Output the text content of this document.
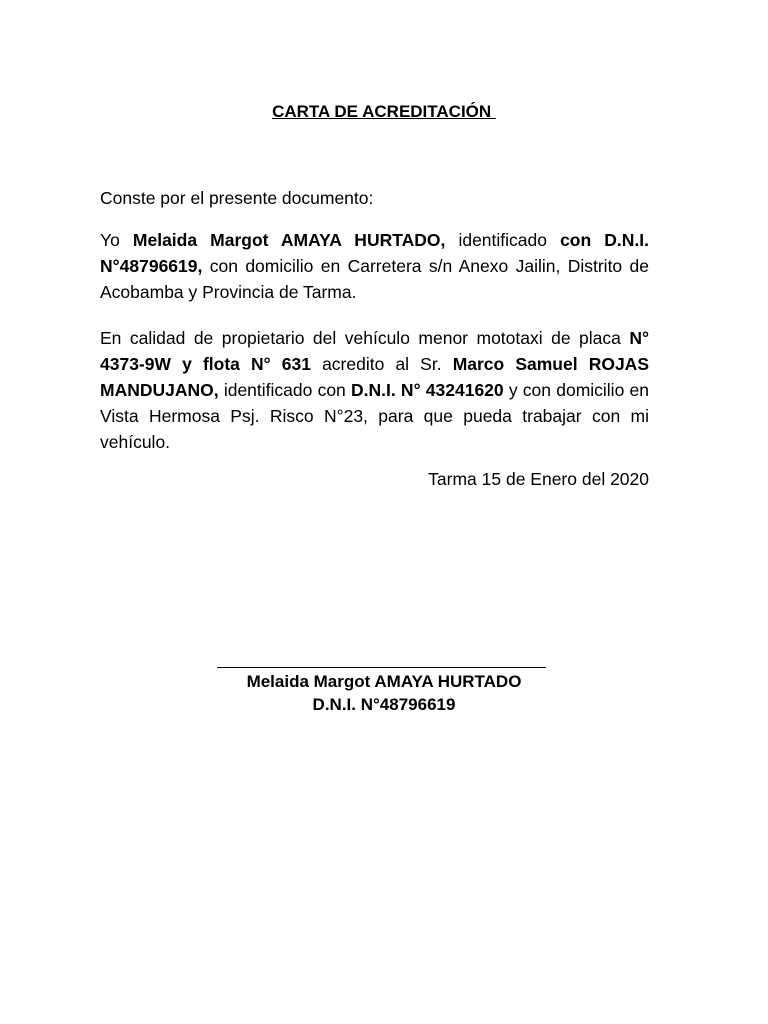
CARTA DE ACREDITACIÓN

Conste por el presente documento:

Yo Melaida Margot AMAYA HURTADO, identificado con D.N.I. N°48796619, con domicilio en Carretera s/n Anexo Jailin, Distrito de Acobamba y Provincia de Tarma.

En calidad de propietario del vehículo menor mototaxi de placa N° 4373-9W y flota N° 631 acredito al Sr. Marco Samuel ROJAS MANDUJANO, identificado con D.N.I. N° 43241620 y con domicilio en Vista Hermosa Psj. Risco N°23, para que pueda trabajar con mi vehículo.

Tarma 15 de Enero del 2020
Melaida Margot AMAYA HURTADO
D.N.I. N°48796619
